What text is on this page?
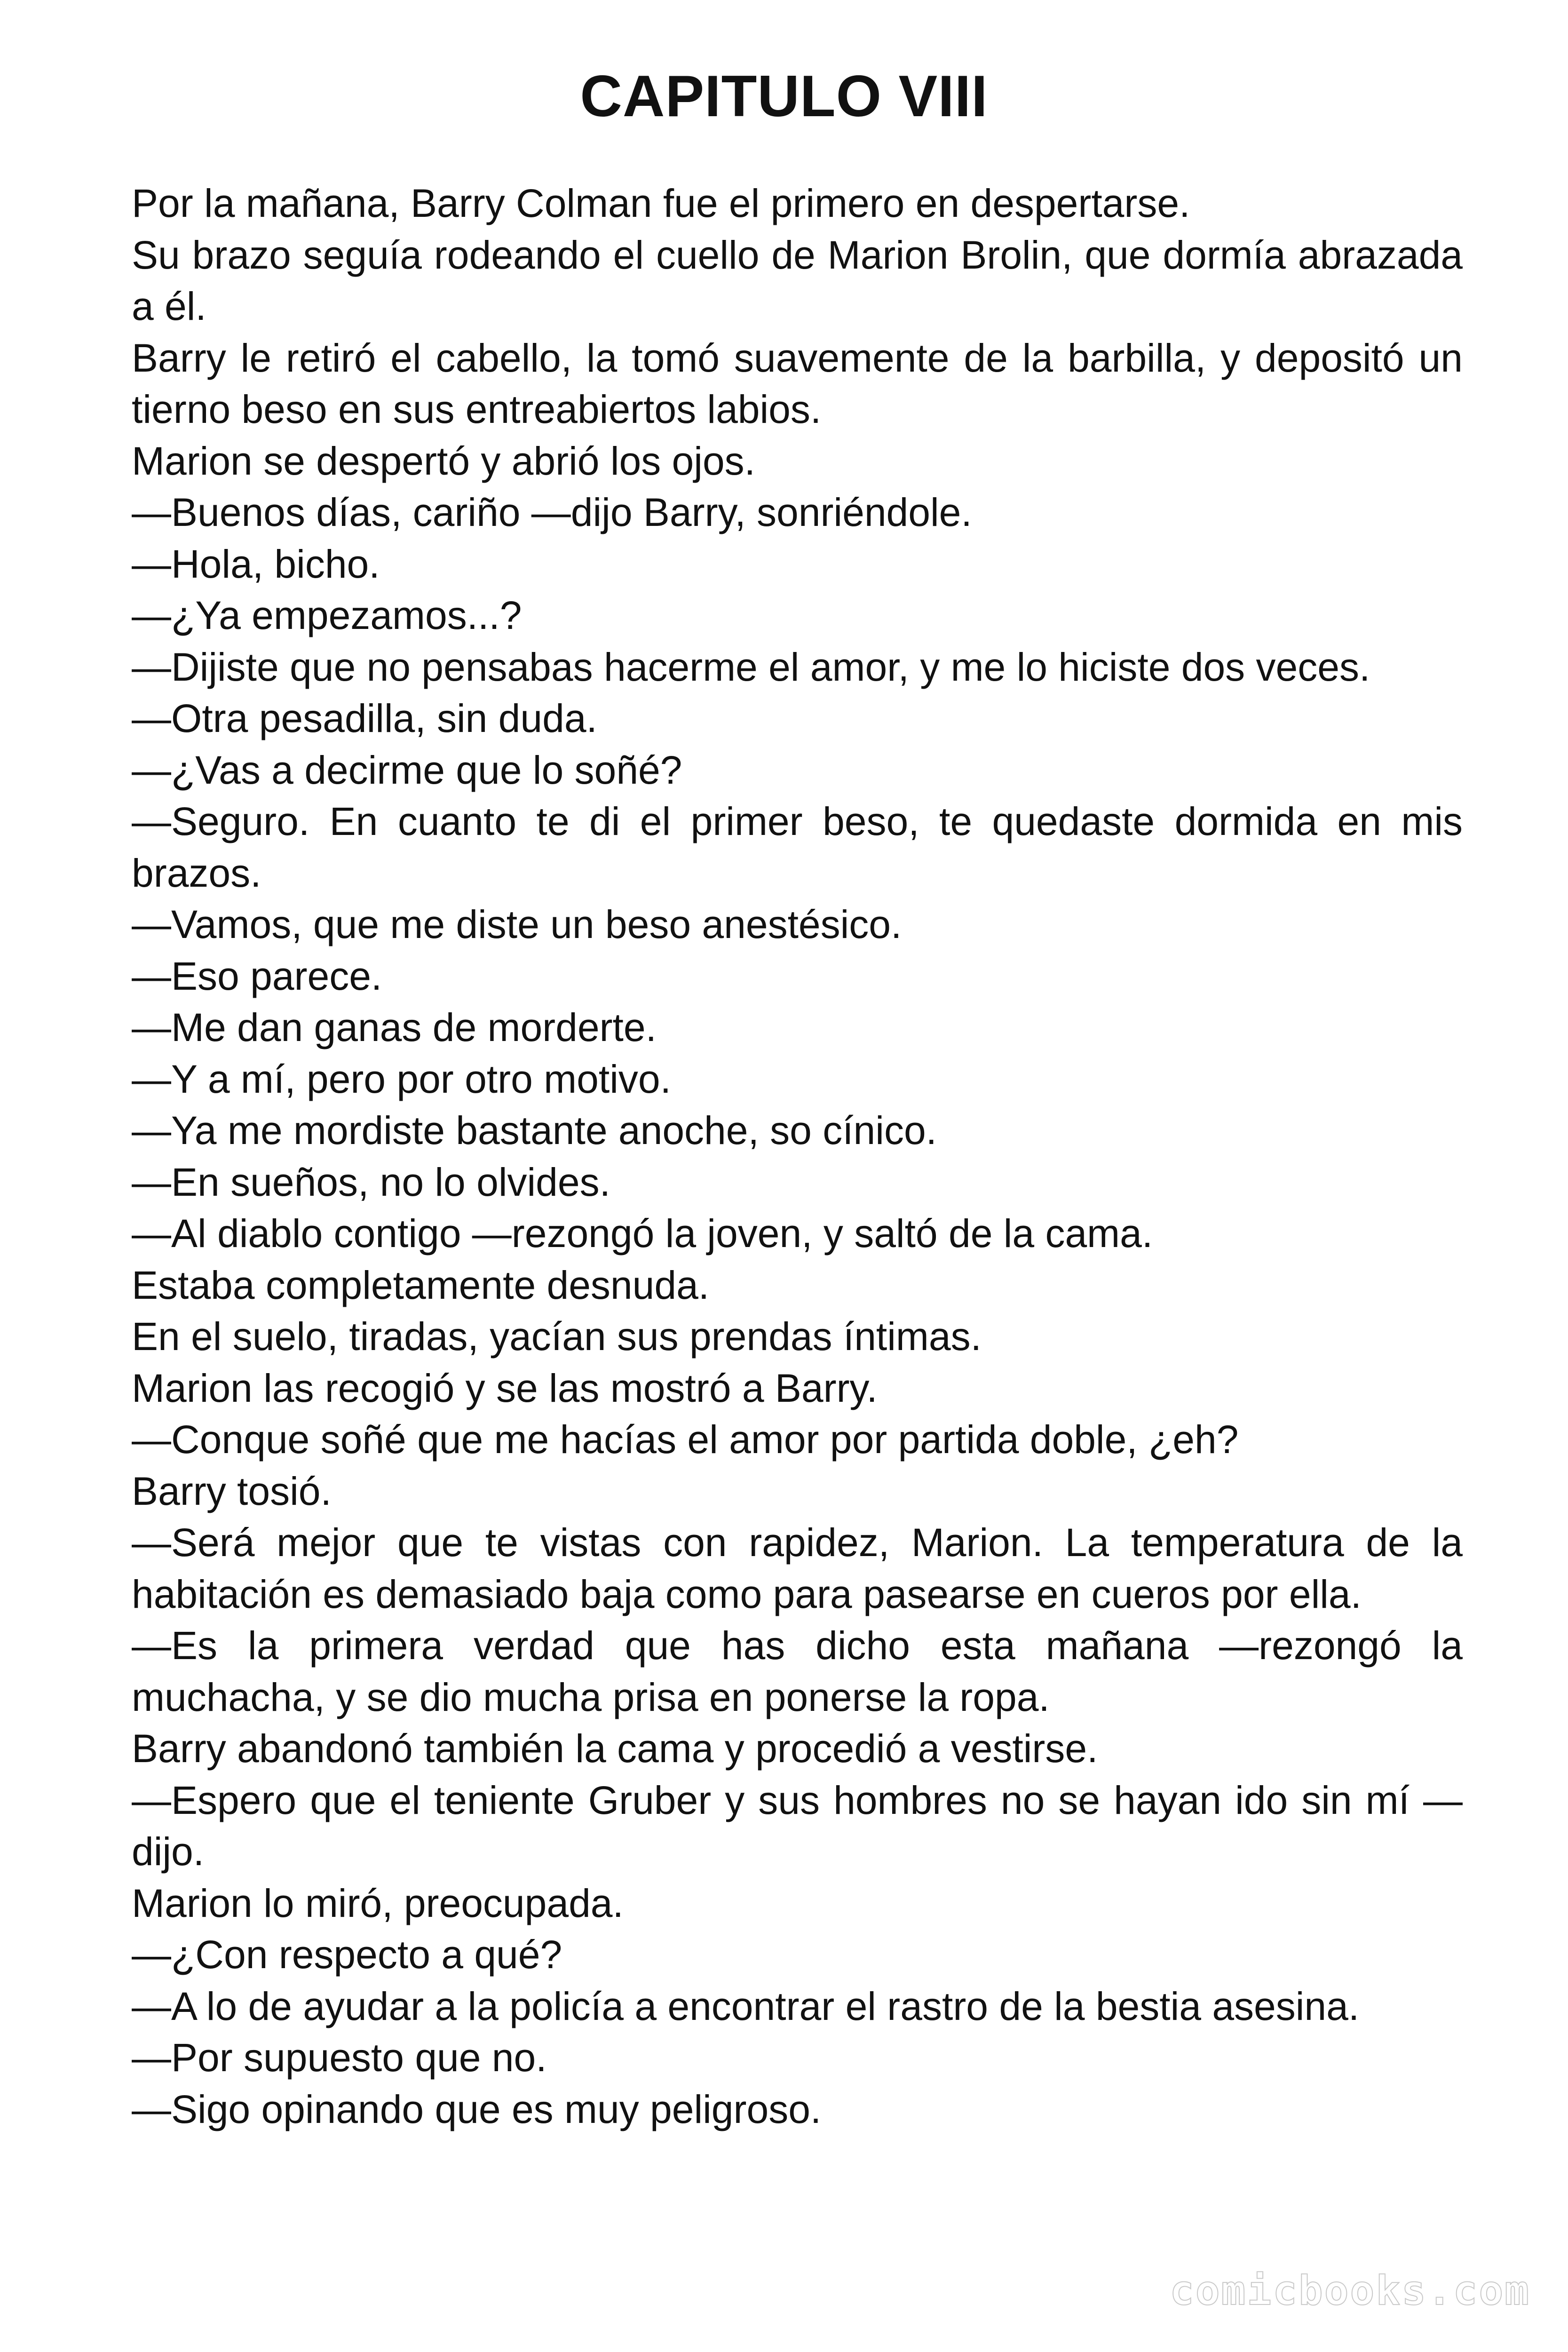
CAPITULO VIII

Por la mañana, Barry Colman fue el primero en despertarse.

Su brazo seguía rodeando el cuello de Marion Brolin, que dormía abrazada a él.

Barry le retiró el cabello, la tomó suavemente de la barbilla, y depositó un tierno beso en sus entreabiertos labios.

Marion se despertó y abrió los ojos.

—Buenos días, cariño —dijo Barry, sonriéndole.

—Hola, bicho.

—¿Ya empezamos...?

—Dijiste que no pensabas hacerme el amor, y me lo hiciste dos veces.

—Otra pesadilla, sin duda.

—¿Vas a decirme que lo soñé?

—Seguro. En cuanto te di el primer beso, te quedaste dormida en mis brazos.

—Vamos, que me diste un beso anestésico.

—Eso parece.

—Me dan ganas de morderte.

—Y a mí, pero por otro motivo.

—Ya me mordiste bastante anoche, so cínico.

—En sueños, no lo olvides.

—Al diablo contigo —rezongó la joven, y saltó de la cama.

Estaba completamente desnuda.

En el suelo, tiradas, yacían sus prendas íntimas.

Marion las recogió y se las mostró a Barry.

—Conque soñé que me hacías el amor por partida doble, ¿eh?

Barry tosió.

—Será mejor que te vistas con rapidez, Marion. La temperatura de la habitación es demasiado baja como para pasearse en cueros por ella.

—Es la primera verdad que has dicho esta mañana —rezongó la muchacha, y se dio mucha prisa en ponerse la ropa.

Barry abandonó también la cama y procedió a vestirse.

—Espero que el teniente Gruber y sus hombres no se hayan ido sin mí —dijo.

Marion lo miró, preocupada.

—¿Con respecto a qué?

—A lo de ayudar a la policía a encontrar el rastro de la bestia asesina.

—Por supuesto que no.

—Sigo opinando que es muy peligroso.

comicbooks.com
